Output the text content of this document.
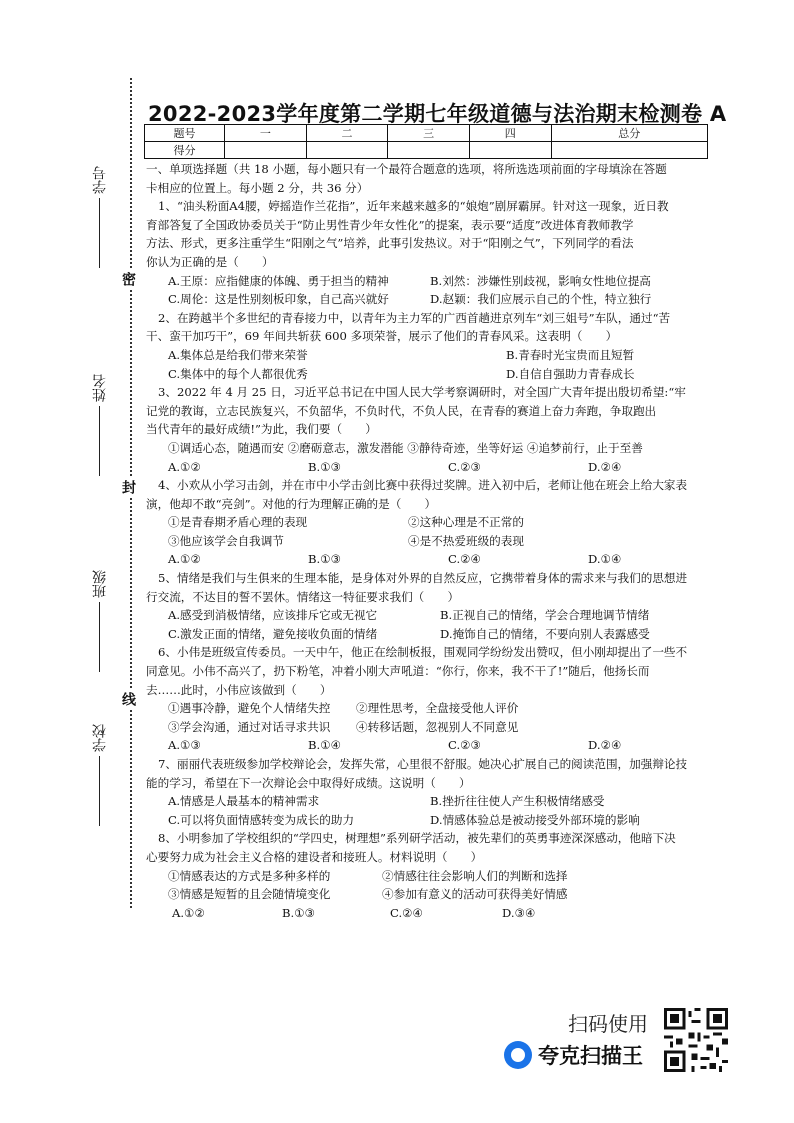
密
封
线
学号
姓名
班级
学校
2022-2023学年度第二学期七年级道德与法治期末检测卷 A
题号	一	二	三	四	总分
得分					

一、单项选择题（共 18 小题，每小题只有一个最符合题意的选项，将所选选项前面的字母填涂在答题

卡相应的位置上。每小题 2 分，共 36 分）

1、“油头粉面A4腰，婷摇造作兰花指”，近年来越来越多的“娘炮”剧屏霸屏。针对这一现象，近日教

育部答复了全国政协委员关于“防止男性青少年女性化”的提案，表示要“适度”改进体育教师教学

方法、形式，更多注重学生“阳刚之气”培养，此事引发热议。对于“阳刚之气”，下列同学的看法

你认为正确的是（　　）

A.王原：应指健康的体魄、勇于担当的精神	B.刘然：涉嫌性别歧视，影响女性地位提高
C.周伦：这是性别刻板印象，自己高兴就好	D.赵颖：我们应展示自己的个性，特立独行

2、在跨越半个多世纪的青春接力中，以青年为主力军的广西首趟进京列车“刘三姐号”车队，通过“苦

干、蛮干加巧干”，69 年间共斩获 600 多项荣誉，展示了他们的青春风采。这表明（　　）

A.集体总是给我们带来荣誉	B.青春时光宝贵而且短暂
C.集体中的每个人都很优秀	D.自信自强助力青春成长

3、2022 年 4 月 25 日，习近平总书记在中国人民大学考察调研时，对全国广大青年提出殷切希望:“牢

记党的教诲，立志民族复兴，不负韶华，不负时代，不负人民，在青春的赛道上奋力奔跑，争取跑出

当代青年的最好成绩!”为此，我们要（　　）

①调适心态，随遇而安 ②磨砺意志，激发潜能 ③静待奇迹，坐等好运 ④追梦前行，止于至善

A.①②	B.①③	C.②③	D.②④

4、小欢从小学习击剑，并在市中小学击剑比赛中获得过奖牌。进入初中后，老师让他在班会上给大家表

演，他却不敢“亮剑”。对他的行为理解正确的是（　　）

①是青春期矛盾心理的表现	②这种心理是不正常的
③他应该学会自我调节	④是不热爱班级的表现
A.①②	B.①③	C.②④	D.①④

5、情绪是我们与生俱来的生理本能，是身体对外界的自然反应，它携带着身体的需求来与我们的思想进

行交流，不达目的誓不罢休。情绪这一特征要求我们（　　）

A.感受到消极情绪，应该排斥它或无视它	B.正视自己的情绪，学会合理地调节情绪
C.激发正面的情绪，避免接收负面的情绪	D.掩饰自己的情绪，不要向别人表露感受

6、小伟是班级宣传委员。一天中午，他正在绘制板报，围观同学纷纷发出赞叹，但小刚却提出了一些不

同意见。小伟不高兴了，扔下粉笔，冲着小刚大声吼道：“你行，你来，我不干了!”随后，他扬长而

去……此时，小伟应该做到（　　）

①遇事冷静，避免个人情绪失控	②理性思考，全盘接受他人评价
③学会沟通，通过对话寻求共识	④转移话题，忽视别人不同意见
A.①③	B.①④	C.②③	D.②④

7、丽丽代表班级参加学校辩论会，发挥失常，心里很不舒服。她决心扩展自己的阅读范围，加强辩论技

能的学习，希望在下一次辩论会中取得好成绩。这说明（　　）

A.情感是人最基本的精神需求	B.挫折往往使人产生积极情绪感受
C.可以将负面情感转变为成长的助力	D.情感体验总是被动接受外部环境的影响

8、小明参加了学校组织的“学四史，树理想”系列研学活动，被先辈们的英勇事迹深深感动，他暗下决

心要努力成为社会主义合格的建设者和接班人。材料说明（　　）

①情感表达的方式是多种多样的	②情感往往会影响人们的判断和选择
③情感是短暂的且会随情境变化	④参加有意义的活动可获得美好情感
A.①②	B.①③	C.②④	D.③④
扫码使用
夸克扫描王
